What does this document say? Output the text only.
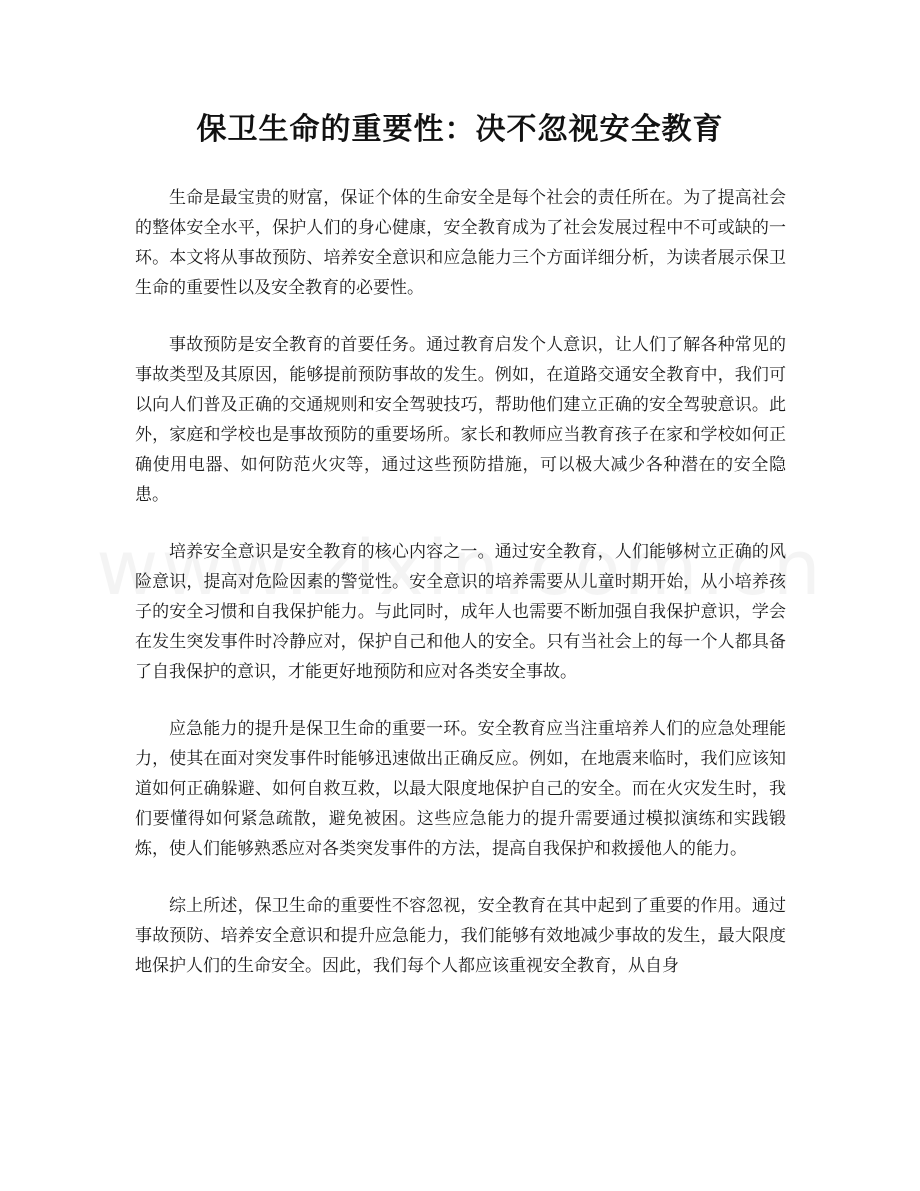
保卫生命的重要性：决不忽视安全教育

生命是最宝贵的财富，保证个体的生命安全是每个社会的责任所在。为了提高社会的整体安全水平，保护人们的身心健康，安全教育成为了社会发展过程中不可或缺的一环。本文将从事故预防、培养安全意识和应急能力三个方面详细分析，为读者展示保卫生命的重要性以及安全教育的必要性。

事故预防是安全教育的首要任务。通过教育启发个人意识，让人们了解各种常见的事故类型及其原因，能够提前预防事故的发生。例如，在道路交通安全教育中，我们可以向人们普及正确的交通规则和安全驾驶技巧，帮助他们建立正确的安全驾驶意识。此外，家庭和学校也是事故预防的重要场所。家长和教师应当教育孩子在家和学校如何正确使用电器、如何防范火灾等，通过这些预防措施，可以极大减少各种潜在的安全隐患。

培养安全意识是安全教育的核心内容之一。通过安全教育，人们能够树立正确的风险意识，提高对危险因素的警觉性。安全意识的培养需要从儿童时期开始，从小培养孩子的安全习惯和自我保护能力。与此同时，成年人也需要不断加强自我保护意识，学会在发生突发事件时冷静应对，保护自己和他人的安全。只有当社会上的每一个人都具备了自我保护的意识，才能更好地预防和应对各类安全事故。

应急能力的提升是保卫生命的重要一环。安全教育应当注重培养人们的应急处理能力，使其在面对突发事件时能够迅速做出正确反应。例如，在地震来临时，我们应该知道如何正确躲避、如何自救互救，以最大限度地保护自己的安全。而在火灾发生时，我们要懂得如何紧急疏散，避免被困。这些应急能力的提升需要通过模拟演练和实践锻炼，使人们能够熟悉应对各类突发事件的方法，提高自我保护和救援他人的能力。

综上所述，保卫生命的重要性不容忽视，安全教育在其中起到了重要的作用。通过事故预防、培养安全意识和提升应急能力，我们能够有效地减少事故的发生，最大限度地保护人们的生命安全。因此，我们每个人都应该重视安全教育，从自身
